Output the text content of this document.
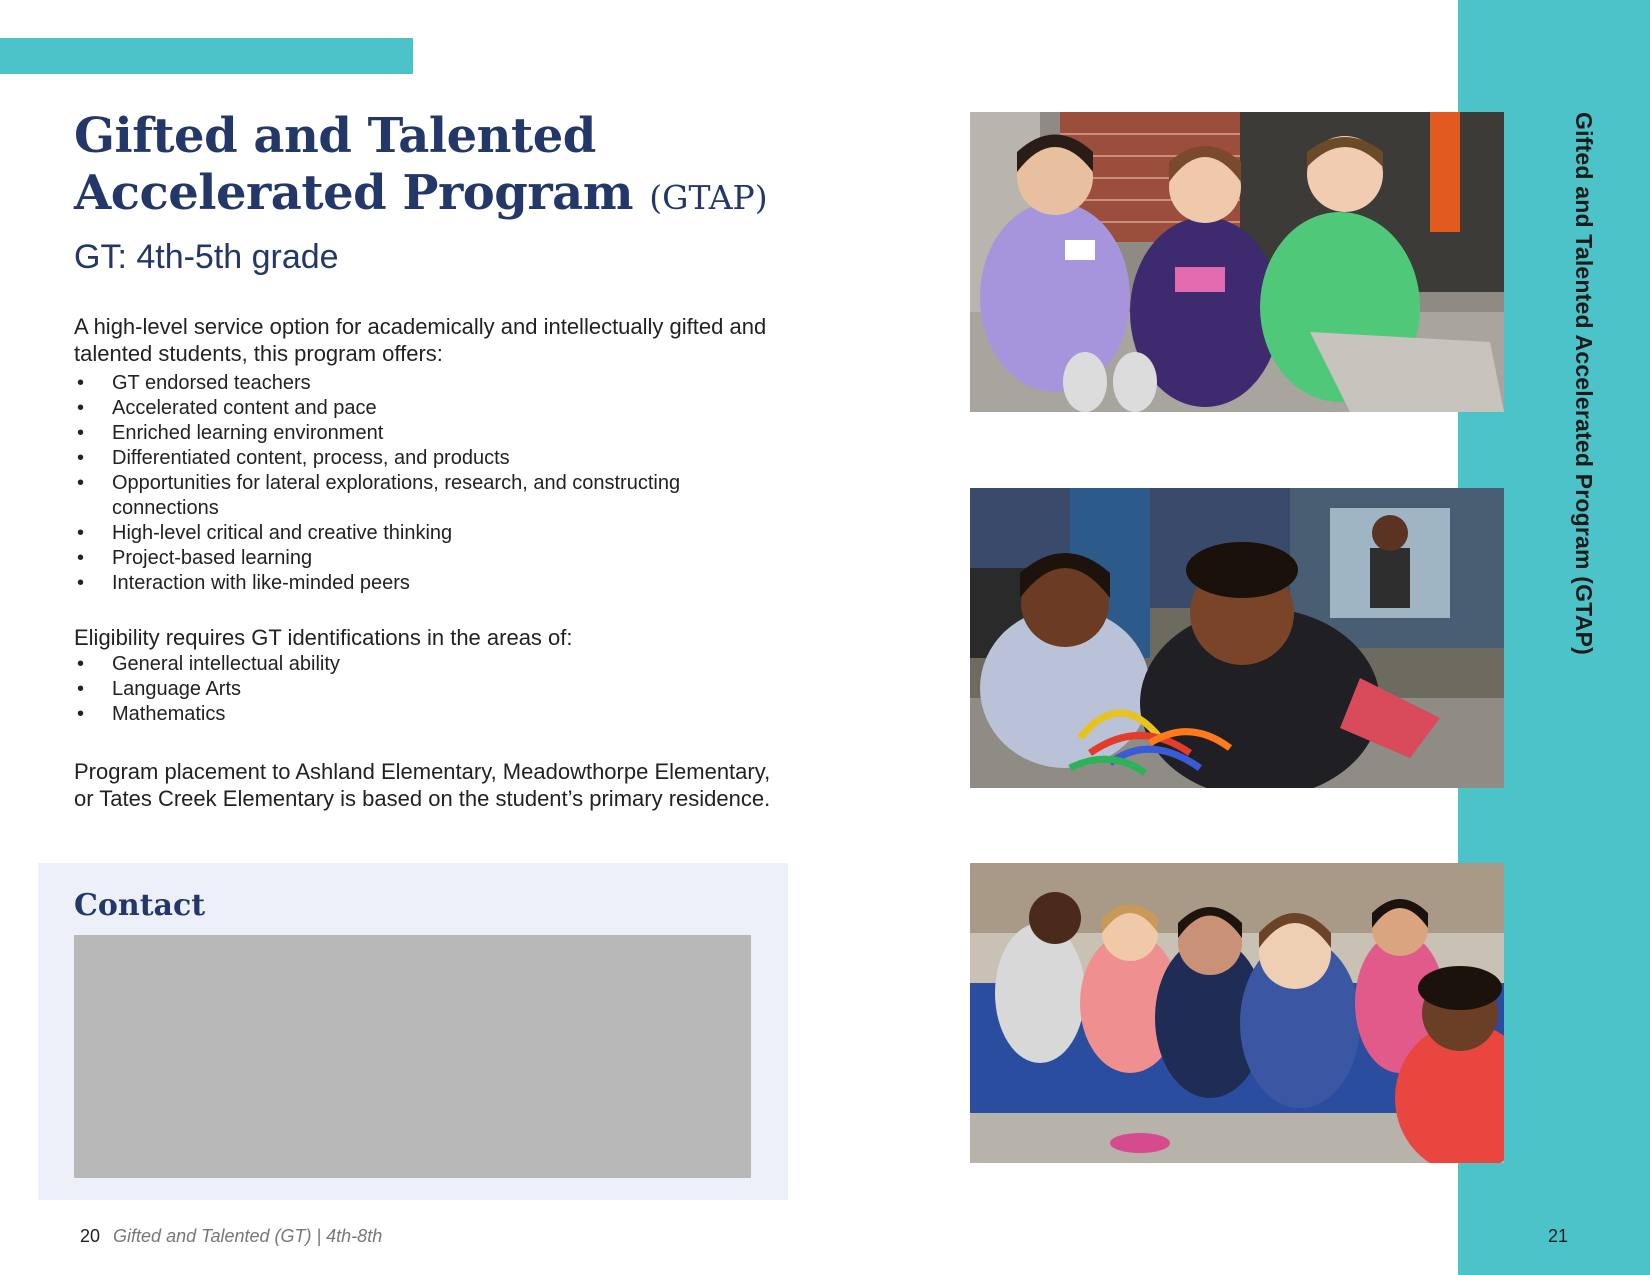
Gifted and Talented Accelerated Program (GTAP)
Gifted and Talented
Accelerated Program (GTAP)
GT: 4th-5th grade

A high-level service option for academically and intellectually gifted and talented students, this program offers:

• GT endorsed teachers
• Accelerated content and pace
• Enriched learning environment
• Differentiated content, process, and products
• Opportunities for lateral explorations, research, and constructing connections
• High-level critical and creative thinking
• Project-based learning
• Interaction with like-minded peers

Eligibility requires GT identifications in the areas of:

• General intellectual ability
• Language Arts
• Mathematics

Program placement to Ashland Elementary, Meadowthorpe Elementary, or Tates Creek Elementary is based on the student’s primary residence.

Contact
20 Gifted and Talented (GT) | 4th-8th	21
